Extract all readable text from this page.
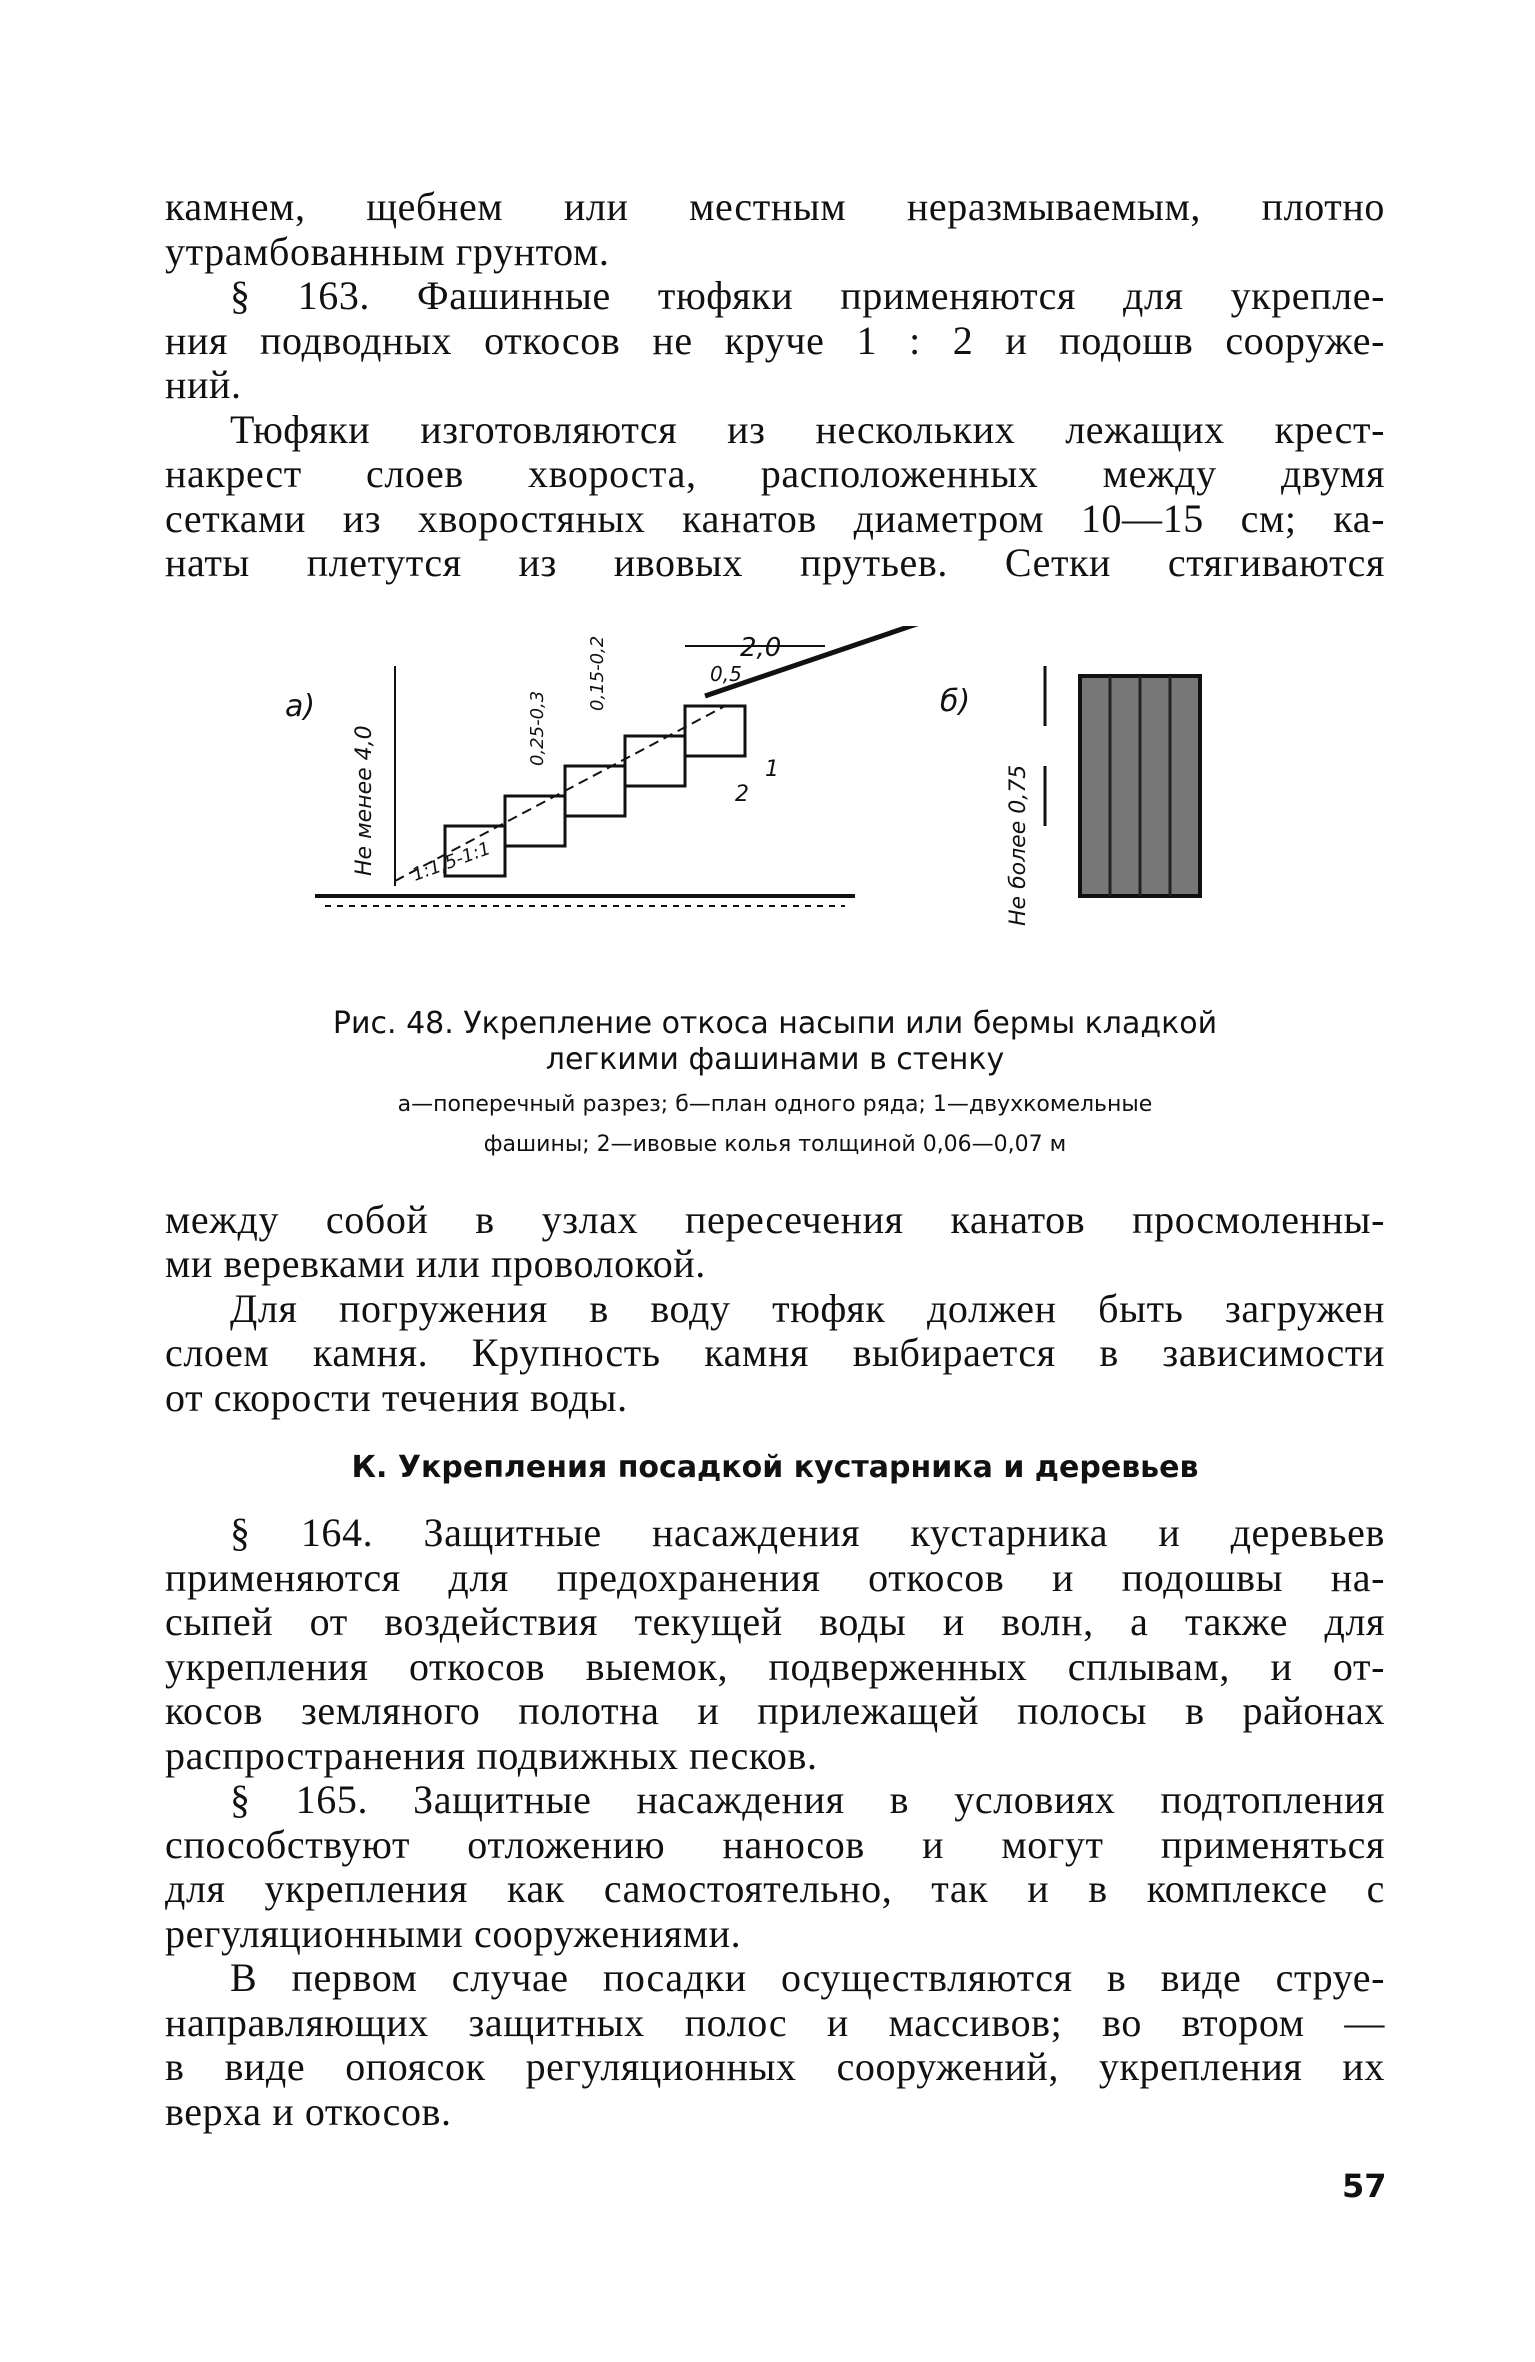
камнем, щебнем или местным неразмываемым, плотно
утрамбованным грунтом.

§ 163. Фашинные тюфяки применяются для укрепле-
ния подводных откосов не круче 1 : 2 и подошв сооруже-
ний.

Тюфяки изготовляются из нескольких лежащих крест-
накрест слоев хвороста, расположенных между двумя
сетками из хворостяных канатов диаметром 10—15 см; ка-
наты плетутся из ивовых прутьев. Сетки стягиваются

а)
Не менее 4,0 1:1,5-1:1
0,25-0,3
0,15-0,2	2,0
0,5
1
2
б)
Не более 0,75
Рис. 48. Укрепление откоса насыпи или бермы кладкой
легкими фашинами в стенку
а—поперечный разрез; б—план одного ряда; 1—двухкомельные
фашины; 2—ивовые колья толщиной 0,06—0,07 м

между собой в узлах пересечения канатов просмоленны-
ми веревками или проволокой.

Для погружения в воду тюфяк должен быть загружен
слоем камня. Крупность камня выбирается в зависимости
от скорости течения воды.

К. Укрепления посадкой кустарника и деревьев

§ 164. Защитные насаждения кустарника и деревьев
применяются для предохранения откосов и подошвы на-
сыпей от воздействия текущей воды и волн, а также для
укрепления откосов выемок, подверженных сплывам, и от-
косов земляного полотна и прилежащей полосы в районах
распространения подвижных песков.

§ 165. Защитные насаждения в условиях подтопления
способствуют отложению наносов и могут применяться
для укрепления как самостоятельно, так и в комплексе с
регуляционными сооружениями.

В первом случае посадки осуществляются в виде струе-
направляющих защитных полос и массивов; во втором —
в виде опоясок регуляционных сооружений, укрепления их
верха и откосов.

57
